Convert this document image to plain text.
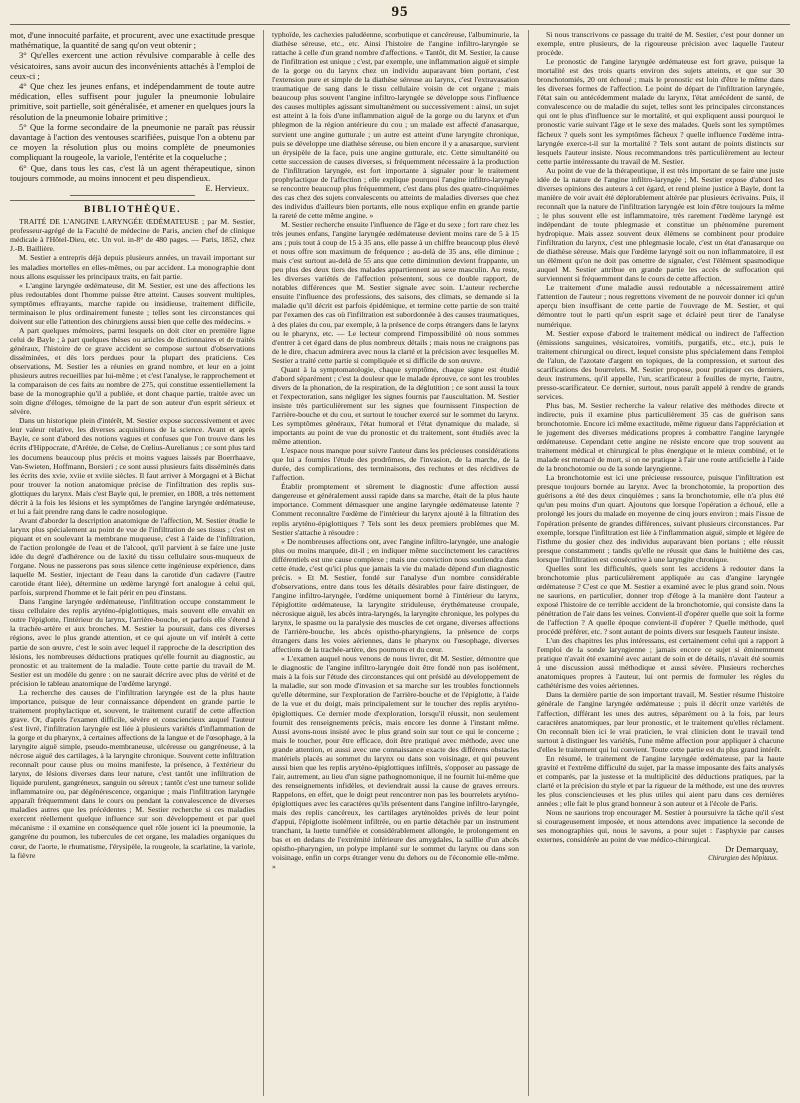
95

mot, d'une innocuité parfaite, et procurent, avec une exactitude presque mathématique, la quantité de sang qu'on veut obtenir ;

3° Qu'elles exercent une action révulsive comparable à celle des vésicatoires, sans avoir aucun des inconvénients attachés à l'emploi de ceux-ci ;

4° Que chez les jeunes enfans, et indépendamment de toute autre médication, elles suffisent pour juguler la pneumonie lobulaire primitive, soit partielle, soit généralisée, et amener en quelques jours la résolution de la pneumonie lobaire primitive ;

5° Que la forme secondaire de la pneumonie ne paraît pas réussir davantage à l'action des ventouses scarifiées, puisque l'on a obtenu par ce moyen la résolution plus ou moins complète de pneumonies compliquant la rougeole, la variole, l'entérite et la coqueluche ;

6° Que, dans tous les cas, c'est là un agent thérapeutique, sinon toujours commode, au moins innocent et peu dispendieux.

E. Hervieux.
BIBLIOTHÈQUE.

TRAITÉ DE L'ANGINE LARYNGÉE ŒDÉMATEUSE ; par M. Sestier, professeur-agrégé de la Faculté de médecine de Paris, ancien chef de clinique médicale à l'Hôtel-Dieu, etc. Un vol. in-8° de 480 pages. — Paris, 1852, chez J.-B. Baillière.

M. Sestier a entrepris déjà depuis plusieurs années, un travail important sur les maladies mortelles en elles-mêmes, ou par accident. La monographie dont nous allons esquisser les principaux traits, en fait partie.

« L'angine laryngée œdémateuse, dit M. Sestier, est une des affections les plus redoutables dont l'homme puisse être atteint. Causes souvent multiples, symptômes effrayants, marche rapide ou insidieuse, traitement difficile, terminaison le plus ordinairement funeste ; telles sont les circonstances qui doivent sur elle l'attention des chirurgiens aussi bien que celle des médecins. »

A part quelques mémoires, parmi lesquels on doit citer en première ligne celui de Bayle ; à part quelques thèses ou articles de dictionnaires et de traités généraux, l'histoire de ce grave accident se compose surtout d'observations disséminées, et dès lors perdues pour la plupart des praticiens. Ces observations, M. Sestier les a réunies en grand nombre, et leur en a joint plusieurs autres recueillies par lui-même ; et c'est l'analyse, le rapprochement et la comparaison de ces faits au nombre de 275, qui constitue essentiellement la base de la monographie qu'il a publiée, et dont chaque partie, traitée avec un soin digne d'éloges, témoigne de la part de son auteur d'un esprit sérieux et sévère.

Dans un historique plein d'intérêt, M. Sestier expose successivement et avec leur valeur relative, les diverses acquisitions de la science. Avant et après Bayle, ce sont d'abord des notions vagues et confuses que l'on trouve dans les écrits d'Hippocrate, d'Arétée, de Celse, de Cœlius-Aurelianus ; ce sont plus tard les documens beaucoup plus précis et moins vagues laissés par Boerrhaave, Van-Swieten, Hoffmann, Borsieri ; ce sont aussi plusieurs faits disséminés dans les écrits des xvie, xviie et xviiie siècles. Il faut arriver à Morgagni et à Bichat pour trouver la notion anatomique précise de l'infiltration des replis sus-glottiques du larynx. Mais c'est Bayle qui, le premier, en 1808, a très nettement décrit à la fois les lésions et les symptômes de l'angine laryngée œdémateuse, et lui a fait prendre rang dans le cadre nosologique.

Avant d'aborder la description anatomique de l'affection, M. Sestier étudie le larynx plus spécialement au point de vue de l'infiltration de ses tissus ; c'est en piquant et en soulevant la membrane muqueuse, c'est à l'aide de l'infiltration, de l'action prolongée de l'eau et de l'alcool, qu'il parvient à se faire une juste idée du degré d'adhérence ou de laxité du tissu cellulaire sous-muqueux de l'organe. Nous ne passerons pas sous silence cette ingénieuse expérience, dans laquelle M. Sestier, injectant de l'eau dans la carotide d'un cadavre (l'autre carotide étant liée), détermine un œdème laryngé fort analogue à celui qui, parfois, surprend l'homme et le fait périr en peu d'instans.

Dans l'angine laryngée œdémateuse, l'infiltration occupe constamment le tissu cellulaire des replis aryténo-épiglottiques, mais souvent elle envahit en outre l'épiglotte, l'intérieur du larynx, l'arrière-bouche, et parfois elle s'étend à la trachée-artère et aux bronches. M. Sestier la poursuit, dans ces diverses régions, avec le plus grande attention, et ce qui ajoute un vif intérêt à cette partie de son œuvre, c'est le soin avec lequel il rapproche de la description des lésions, les nombreuses déductions pratiques qu'elle fournit au diagnostic, au pronostic et au traitement de la maladie. Toute cette partie du travail de M. Sestier est un modèle du genre : on ne saurait décrire avec plus de vérité et de précision le tableau anatomique de l'œdème laryngé.

La recherche des causes de l'infiltration laryngée est de la plus haute importance, puisque de leur connaissance dépendent en grande partie le traitement prophylactique et, souvent, le traitement curatif de cette affection grave. Or, d'après l'examen difficile, sévère et consciencieux auquel l'auteur s'est livré, l'infiltration laryngée est liée à plusieurs variétés d'inflammation de la gorge et du pharynx, à certaines affections de la langue et de l'œsophage, à la laryngite aiguë simple, pseudo-membraneuse, ulcéreuse ou gangréneuse, à la nécrose aiguë des cartilages, à la laryngite chronique. Souvent cette infiltration reconnaît pour cause plus ou moins manifeste, la présence, à l'extérieur du larynx, de lésions diverses dans leur nature, c'est tantôt une infiltration de liquide purulent, gangréneux, sanguin ou séreux ; tantôt c'est une tumeur solide inflammatoire ou, par dégénérescence, organique ; mais l'infiltration laryngée apparaît fréquemment dans le cours ou pendant la convalescence de diverses maladies autres que les précédentes ; M. Sestier recherche si ces maladies exercent réellement quelque influence sur son développement et par quel mécanisme : il examine en conséquence quel rôle jouent ici la pneumonie, la gangrène du poumon, les tubercules de cet organe, les maladies organiques du cœur, de l'aorte, le rhumatisme, l'érysipèle, la rougeole, la scarlatine, la variole, la fièvre

typhoïde, les cachexies paludéenne, scorbutique et cancéreuse, l'albuminurie, la diathèse séreuse, etc., etc. Ainsi l'histoire de l'angine infiltro-laryngée se rattache à celle d'un grand nombre d'affections. « Tantôt, dit M. Sestier, la cause de l'infiltration est unique ; c'est, par exemple, une inflammation aiguë et simple de la gorge ou du larynx chez un individu auparavant bien portant, c'est l'extension pure et simple de la diathèse séreuse au larynx, c'est l'extravasation traumatique de sang dans le tissu cellulaire voisin de cet organe ; mais beaucoup plus souvent l'angine infiltro-laryngée se développe sous l'influence des causes multiples agissant simultanément ou successivement : ainsi, un sujet est atteint à la fois d'une inflammation aiguë de la gorge ou du larynx et d'un phlegmon de la région antérieure du cou ; un malade est affecté d'anasarque, survient une angine gutturale ; un autre est atteint d'une laryngite chronique, puis se développe une diathèse séreuse, ou bien encore il y a anasarque, survient un érysipèle de la face, puis une angine gutturale, etc. Cette simultanéité ou cette succession de causes diverses, si fréquemment nécessaire à la production de l'infiltration laryngée, est fort importante à signaler pour le traitement prophylactique de l'affection ; elle explique pourquoi l'angine infiltro-laryngée se rencontre beaucoup plus fréquemment, c'est dans plus des quatre-cinquièmes des cas chez des sujets convalescents ou atteints de maladies diverses que chez des individus d'ailleurs bien portants, elle nous explique enfin en grande partie la rareté de cette même angine. »

M. Sestier recherche ensuite l'influence de l'âge et du sexe ; fort rare chez les très jeunes enfans, l'angine laryngée œdémateuse devient moins rare de 5 à 15 ans ; puis tout à coup de 15 à 35 ans, elle passe à un chiffre beaucoup plus élevé et nous offre son maximum de fréquence ; au-delà de 35 ans, elle diminue ; mais c'est surtout au-delà de 55 ans que cette diminution devient frappante, un peu plus des deux tiers des malades appartiennent au sexe masculin. Au reste, les diverses variétés de l'affection présentent, sous ce double rapport, de notables différences que M. Sestier signale avec soin. L'auteur recherche ensuite l'influence des professions, des saisons, des climats, se demande si la maladie qu'il décrit est parfois épidémique, et termine cette partie de son traité par l'examen des cas où l'infiltration est subordonnée à des causes traumatiques, à des plaies du cou, par exemple, à la présence de corps étrangers dans le larynx ou le pharynx, etc. — Le lecteur comprend l'impossibilité où nous sommes d'entrer à cet égard dans de plus nombreux détails ; mais nous ne craignons pas de le dire, chacun admirera avec nous la clarté et la précision avec lesquelles M. Sestier a traité cette partie si compliquée et si difficile de son œuvre.

Quant à la symptomatologie, chaque symptôme, chaque signe est étudié d'abord séparément ; c'est la douleur que le malade éprouve, ce sont les troubles divers de la phonation, de la respiration, de la déglutition ; ce sont aussi la toux et l'expectoration, sans négliger les signes fournis par l'auscultation. M. Sestier insiste très particulièrement sur les signes que fournissent l'inspection de l'arrière-bouche et du cou, et surtout le toucher exercé sur le sommet du larynx. Les symptômes généraux, l'état humoral et l'état dynamique du malade, si importants au point de vue du pronostic et du traitement, sont étudiés avec la même attention.

L'espace nous manque pour suivre l'auteur dans les précieuses considérations que lui a fournies l'étude des prodrômes, de l'invasion, de la marche, de la durée, des complications, des terminaisons, des rechutes et des récidives de l'affection.

Établir promptement et sûrement le diagnostic d'une affection aussi dangereuse et généralement aussi rapide dans sa marche, était de la plus haute importance. Comment démasquer une angine laryngée œdémateuse latente ? Comment reconnaître l'œdème de l'intérieur du larynx ajouté à la filtration des replis aryténo-épiglottiques ? Tels sont les deux premiers problèmes que M. Sestier s'attache à résoudre :

« De nombreuses affections ont, avec l'angine infiltro-laryngée, une analogie plus ou moins marquée, dit-il ; en indiquer même succinctement les caractères différentiels est une cause complexe ; mais une conviction nous soutiendra dans cette étude, c'est qu'ici plus que jamais la vie du malade dépend d'un diagnostic précis. » Et M. Sestier, fondé sur l'analyse d'un nombre considérable d'observations, entre dans tous les détails désirables pour faire distinguer, de l'angine infiltro-laryngée, l'œdème uniquement borné à l'intérieur du larynx, l'épiglottite œdémateuse, la laryngite striduleuse, érythémateuse croupale, nécrosique aiguë, les abcès intra-laryngés, la laryngite chronique, les polypes du larynx, le spasme ou la paralysie des muscles de cet organe, diverses affections de l'arrière-bouche, les abcès opistho-pharyngiens, la présence de corps étrangers dans les voies aériennes, dans le pharynx ou l'œsophage, diverses affections de la trachée-artère, des poumons et du cœur.

« L'examen auquel nous venons de nous livrer, dit M. Sestier, démontre que le diagnostic de l'angine infiltro-laryngée doit être fondé non pas isolément, mais à la fois sur l'étude des circonstances qui ont présidé au développement de la maladie, sur son mode d'invasion et sa marche sur les troubles fonctionnels qu'elle détermine, sur l'exploration de l'arrière-bouche et de l'épiglotte, à l'aide de la vue et du doigt, mais principalement sur le toucher des replis aryténo-épiglottiques. Ce dernier mode d'exploration, lorsqu'il réussit, non seulement fournit des renseignements précis, mais encore les donne à l'instant même. Aussi avons-nous insisté avec le plus grand soin sur tout ce qui le concerne ; mais le toucher, pour être efficace, doit être pratiqué avec méthode, avec une grande attention, et aussi avec une connaissance exacte des différens obstacles matériels placés au sommet du larynx ou dans son voisinage, et qui peuvent aussi bien que les replis aryténo-épiglottiques infiltrés, s'opposer au passage de l'air, autrement, au lieu d'un signe pathognomonique, il ne fournit lui-même que des renseignements infidèles, et deviendrait aussi la cause de graves erreurs. Rappelons, en effet, que le doigt peut rencontrer non pas les bourrelets aryténo-épiglottiques avec les caractères qu'ils présentent dans l'angine infiltro-laryngée, mais des replis cancéreux, les cartilages aryténoïdes privés de leur point d'appui, l'épiglotte isolément infiltrée, ou en partie détachée par un instrument tranchant, la luette tuméfiée et considérablement allongée, le prolongement en bas et en dedans de l'extrémité inférieure des amygdales, la saillie d'un abcès opistho-pharyngien, un polype implanté sur le sommet du larynx ou dans son voisinage, enfin un corps étranger venu du dehors ou de l'économie elle-même. »

Si nous transcrivons ce passage du traité de M. Sestier, c'est pour donner un exemple, entre plusieurs, de la rigoureuse précision avec laquelle l'auteur procède.

Le pronostic de l'angine laryngée œdémateuse est fort grave, puisque la mortalité est des trois quarts environ des sujets atteints, et que sur 30 bronchotomiés, 20 ont échoué ; mais le pronostic est loin d'être le même dans les diverses formes de l'affection. Le point de départ de l'infiltration laryngée, l'état sain ou antécédemment malade du larynx, l'état antécédent de santé, de convalescence ou de maladie du sujet, telles sont les principales circonstances qui ont le plus d'influence sur le mortalité, et qui expliquent aussi pourquoi le pronostic varie suivant l'âge et le sexe des malades. Quels sont les symptômes fâcheux ? quels sont les symptômes fâcheux ? quelle influence l'œdème intra-laryngée exerce-t-il sur la mortalité ? Tels sont autant de points distincts sur lesquels l'auteur insiste. Nous recommandons très particulièrement au lecteur cette partie intéressante du travail de M. Sestier.

Au point de vue de la thérapeutique, il est très important de se faire une juste idée de la nature de l'angine infiltro-laryngée ; M. Sestier expose d'abord les diverses opinions des auteurs à cet égard, et rend pleine justice à Bayle, dont la manière de voir avait été déplorablement altérée par plusieurs écrivains. Puis, il reconnaît que la nature de l'infiltration laryngée est loin d'être toujours la même ; le plus souvent elle est inflammatoire, très rarement l'œdème laryngé est indépendant de toute phlegmasie et constitue un phénomène purement hydropique. Mais assez souvent deux élémens se combinent pour produire l'infiltration du larynx, c'est une phlegmasie locale, c'est un état d'anasarque ou de diathèse séreuse. Mais que l'œdème laryngé soit ou non inflammatoire, il est un élément qu'on ne doit pas omettre de signaler, c'est l'élément spasmodique auquel M. Sestier attribue en grande partie les accès de suffocation qui surviennent si fréquemment dans le cours de cette affection.

Le traitement d'une maladie aussi redoutable a nécessairement attiré l'attention de l'auteur ; nous regrettons vivement de ne pouvoir donner ici qu'un aperçu bien insuffisant de cette partie de l'ouvrage de M. Sestier, et qui démontre tout le parti qu'un esprit sage et éclairé peut tirer de l'analyse numérique.

M. Sestier expose d'abord le traitement médical ou indirect de l'affection (émissions sanguines, vésicatoires, vomitifs, purgatifs, etc., etc.), puis le traitement chirurgical ou direct, lequel consiste plus spécialement dans l'emploi de l'alun, de l'azotate d'argent en topiques, de la compression, et surtout des scarifications des bourrelets. M. Sestier propose, pour pratiquer ces derniers, deux instrumens, qu'il appelle, l'un, scarificateur à feuilles de myrte, l'autre, presso-scarificateur. Ce dernier, surtout, nous paraît appelé à rendre de grands services.

Plus bas, M. Sestier recherche la valeur relative des méthodes directe et indirecte, puis il examine plus particulièrement 35 cas de guérison sans bronchotomie. Encore ici même exactitude, même rigueur dans l'appréciation et le jugement des diverses médications propres à combattre l'angine laryngée œdémateuse. Cependant cette angine ne résiste encore que trop souvent au traitement médical et chirurgical le plus énergique et le mieux combiné, et le malade est menacé de mort, si on ne pratique à l'air une route artificielle à l'aide de la bronchotomie ou de la sonde laryngienne.

La bronchotomie est ici une précieuse ressource, puisque l'infiltration est presque toujours bornée au larynx. Avec la bronchotomie, la proportion des guérisons a été des deux cinquièmes ; sans la bronchotomie, elle n'a plus été qu'un peu moins d'un quart. Ajoutons que lorsque l'opération a échoué, elle a prolongé les jours du malade en moyenne de cinq jours environ ; mais l'issue de l'opération présente de grandes différences, suivant plusieurs circonstances. Par exemple, lorsque l'infiltration est liée à l'inflammation aiguë, simple et légère de l'isthme du gosier chez des individus auparavant bien portans ; elle réussit presque constamment ; tandis qu'elle ne réussit que dans le huitième des cas, lorsque l'infiltration est consécutive à une laryngite chronique.

Quelles sont les difficultés, quels sont les accidens à redouter dans la bronchotomie plus particulièrement appliquée au cas d'angine laryngée œdémateuse ? C'est ce que M. Sestier a examiné avec le plus grand soin. Nous ne saurions, en particulier, donner trop d'éloge à la manière dont l'auteur a exposé l'histoire de ce terrible accident de la bronchotomie, qui consiste dans la pénétration de l'air dans les veines. Convient-il d'opérer quelle que soit la forme de l'affection ? A quelle époque convient-il d'opérer ? Quelle méthode, quel procédé préférer, etc. ? sont autant de points divers sur lesquels l'auteur insiste.

L'un des chapitres les plus intéressans, est certainement celui qui a rapport à l'emploi de la sonde laryngienne ; jamais encore ce sujet si éminemment pratique n'avait été examiné avec autant de soin et de détails, n'avait été soumis à une discussion aussi méthodique et aussi sévère. Plusieurs recherches anatomiques propres à l'auteur, lui ont permis de formuler les règles du cathétérisme des voies aériennes.

Dans la dernière partie de son important travail, M. Sestier résume l'histoire générale de l'angine laryngée œdémateuse ; puis il décrit onze variétés de l'affection, différant les unes des autres, séparément ou à la fois, par leurs caractères anatomiques, par leur pronostic, et le traitement qu'elles réclament. On reconnaît bien ici le vrai praticien, le vrai clinicien dont le travail tend surtout à distinguer les variétés, l'une même affection pour appliquer à chacune d'elles le traitement qui lui convient. Toute cette partie est du plus grand intérêt.

En résumé, le traitement de l'angine laryngée œdémateuse, par la haute gravité et l'extrême difficulté du sujet, par la masse imposante des faits analysés et comparés, par la justesse et la multiplicité des déductions pratiques, par la clarté et la précision du style et par la rigueur de la méthode, est une des œuvres les plus consciencieuses et les plus utiles qui aient paru dans ces dernières années ; elle fait le plus grand honneur à son auteur et à l'école de Paris.

Nous ne saurions trop encourager M. Sestier à poursuivre la tâche qu'il s'est si courageusement imposée, et nous attendons avec impatience la seconde de ses monographies qui, nous le savons, a pour sujet : l'asphyxie par causes externes, considérée au point de vue médico-chirurgical.

Dr Demarquay,
Chirurgien des hôpitaux.
